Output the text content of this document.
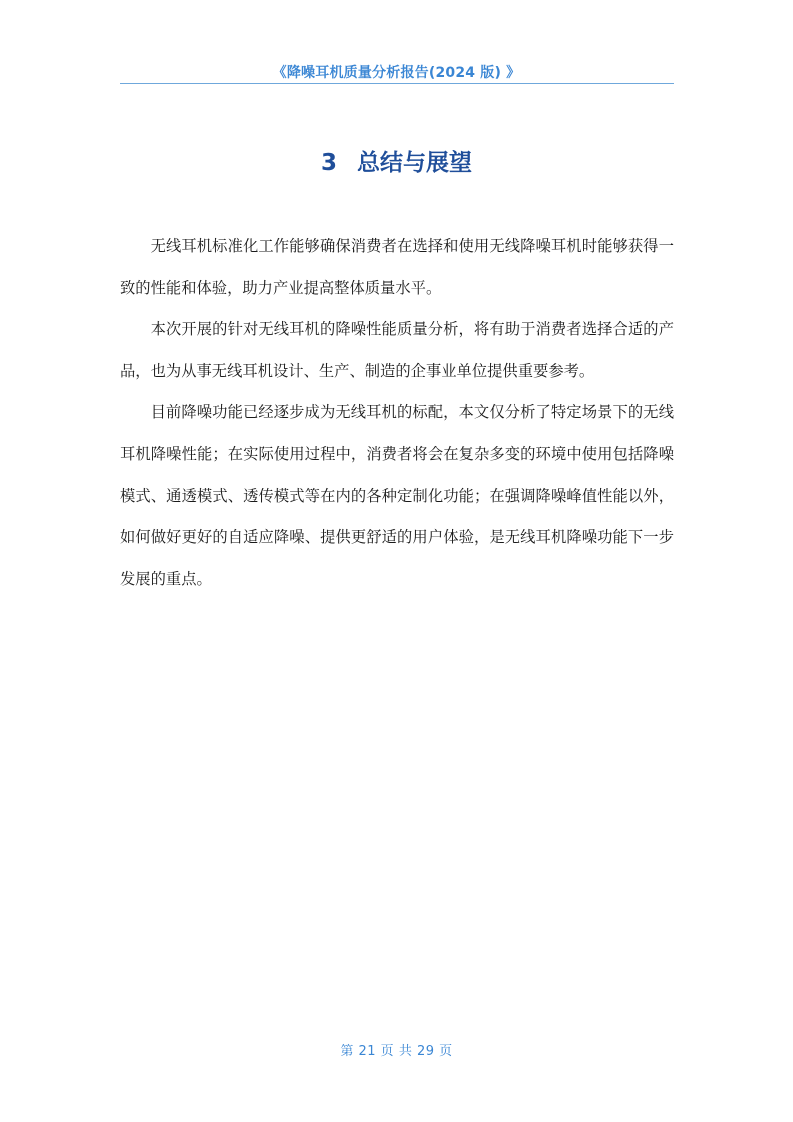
《降噪耳机质量分析报告(2024 版) 》
3 总结与展望

无线耳机标准化工作能够确保消费者在选择和使用无线降噪耳机时能够获得一致的性能和体验，助力产业提高整体质量水平。

本次开展的针对无线耳机的降噪性能质量分析，将有助于消费者选择合适的产品，也为从事无线耳机设计、生产、制造的企事业单位提供重要参考。

目前降噪功能已经逐步成为无线耳机的标配，本文仅分析了特定场景下的无线耳机降噪性能；在实际使用过程中，消费者将会在复杂多变的环境中使用包括降噪模式、通透模式、透传模式等在内的各种定制化功能；在强调降噪峰值性能以外，如何做好更好的自适应降噪、提供更舒适的用户体验，是无线耳机降噪功能下一步发展的重点。

第 21 页 共 29 页
